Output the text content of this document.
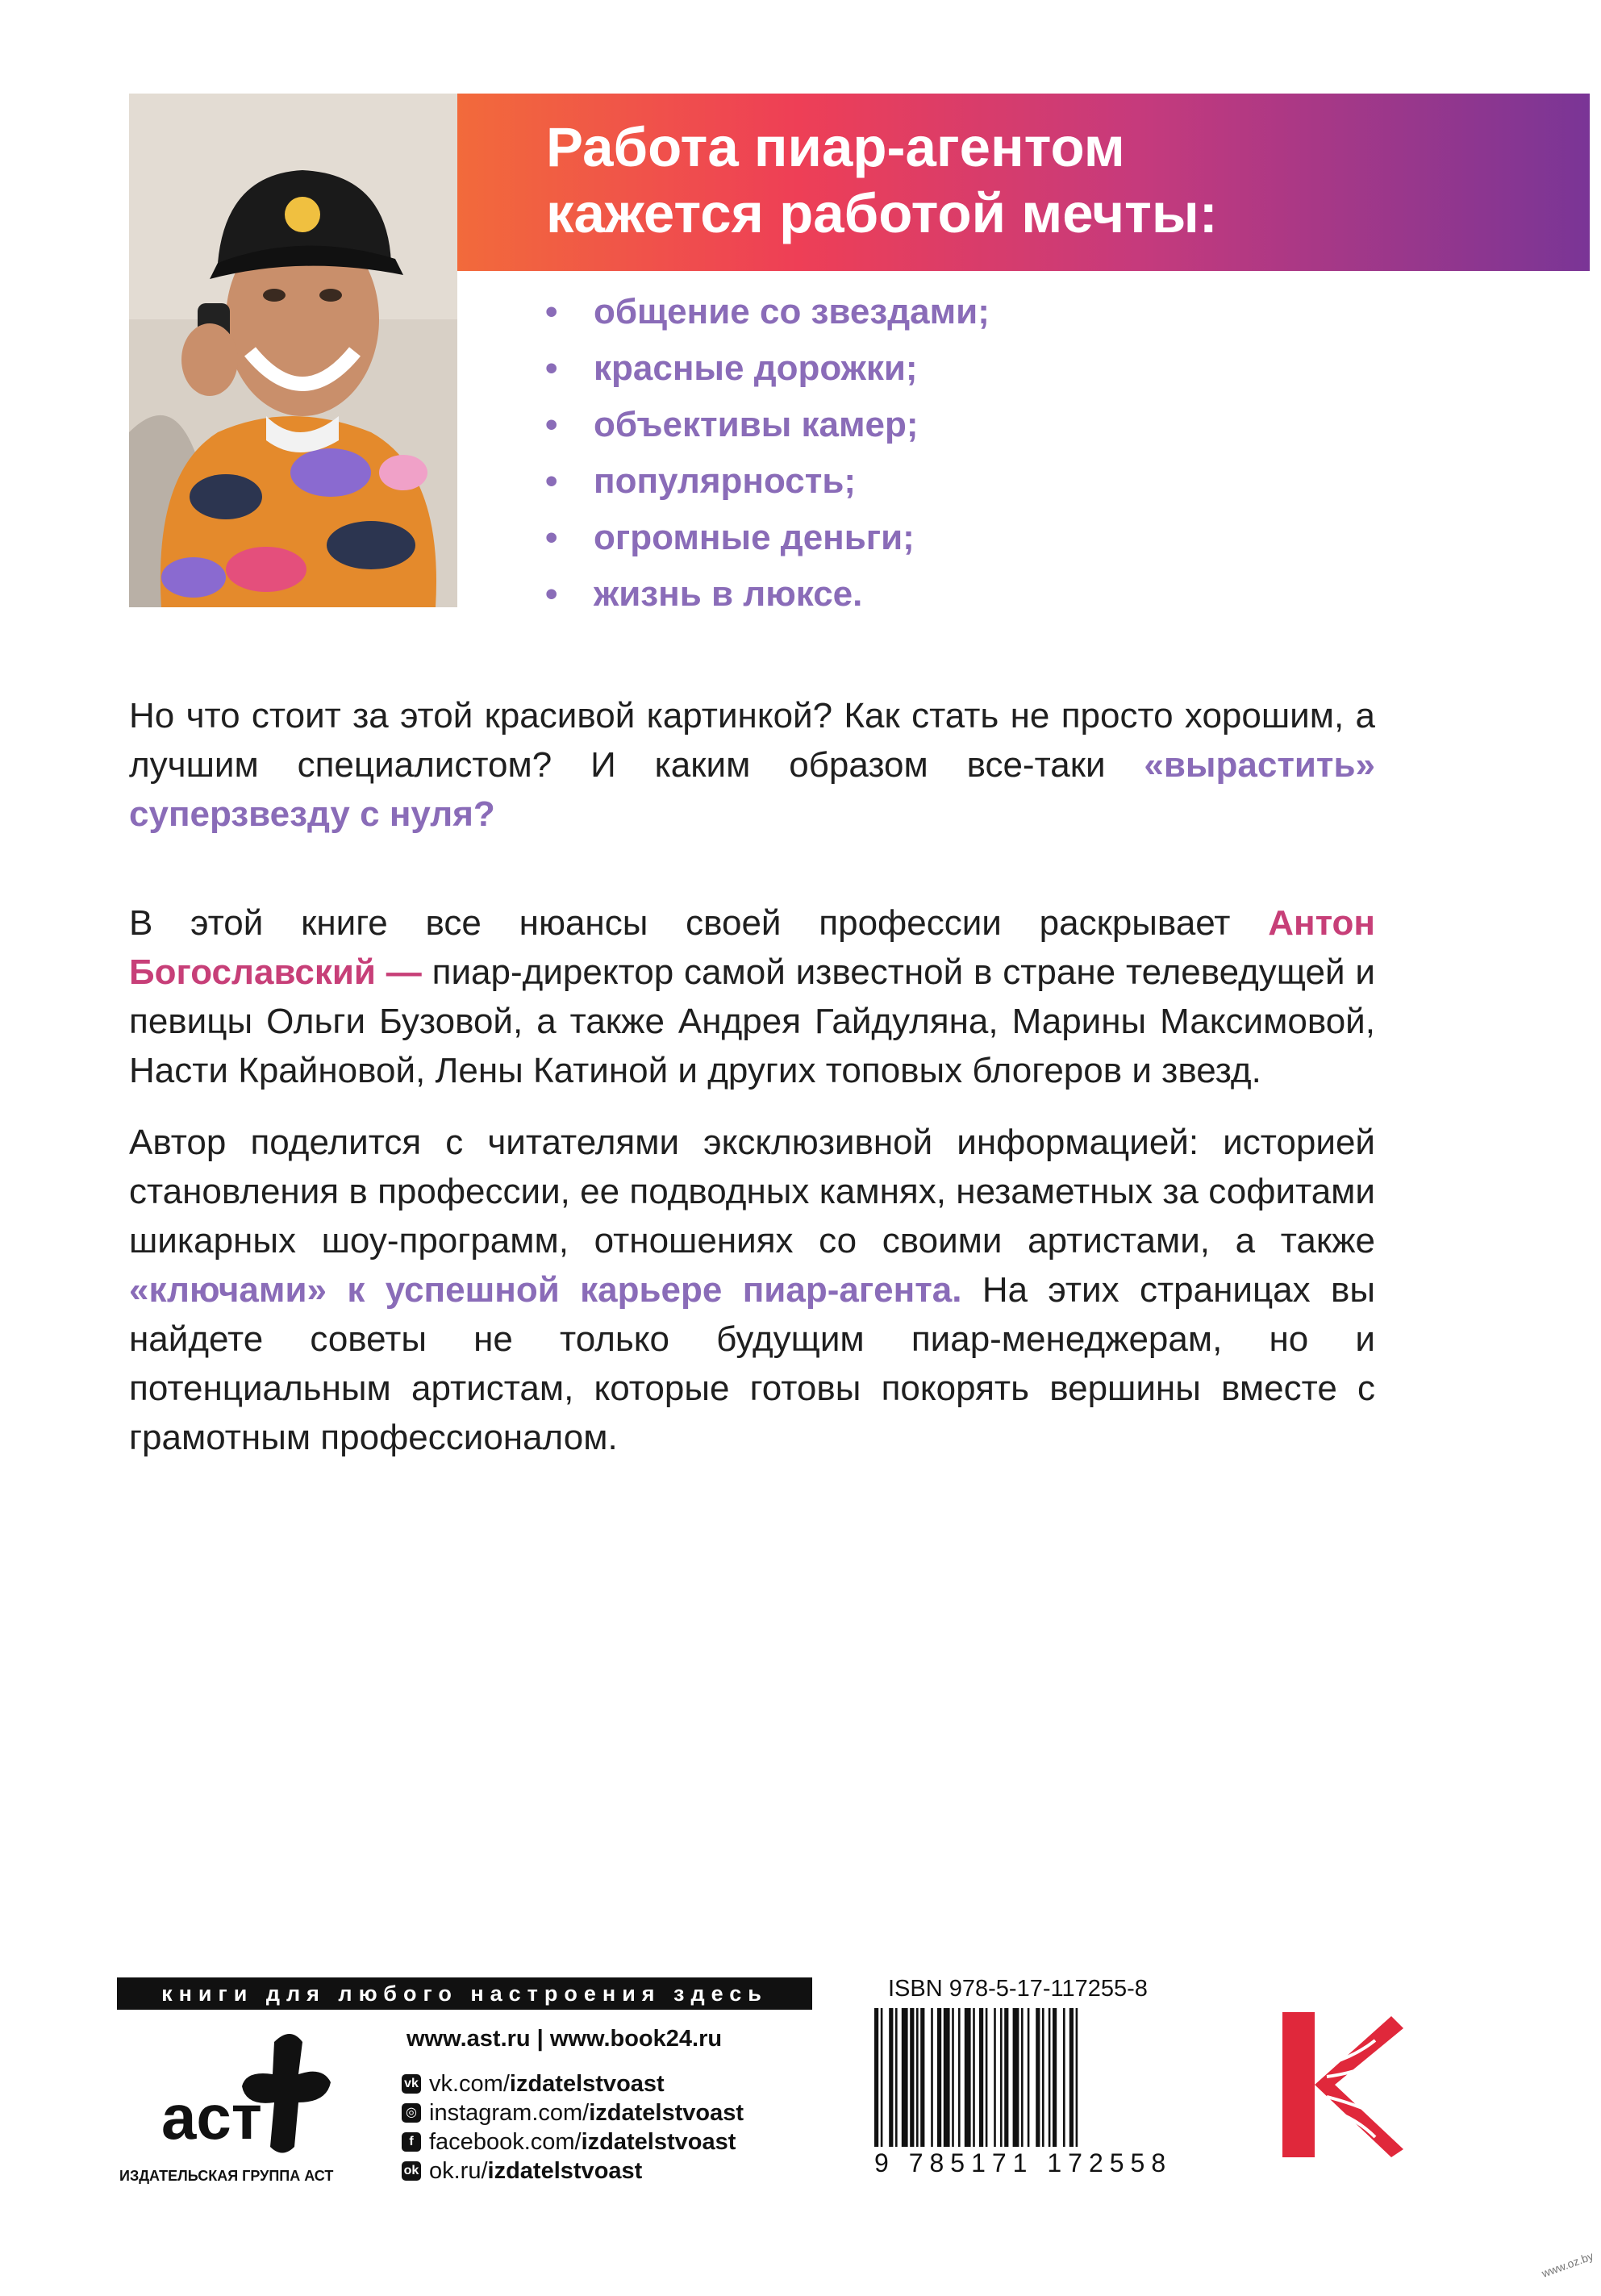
Работа пиар-агентом
кажется работой мечты:
• общение со звездами;
• красные дорожки;
• объективы камер;
• популярность;
• огромные деньги;
• жизнь в люксе.

Но что стоит за этой красивой картинкой? Как стать не просто хорошим, а лучшим специалистом? И каким образом все-таки «вырастить» суперзвезду с нуля?

В этой книге все нюансы своей профессии раскрывает Антон Богославский — пиар-директор самой известной в стране телеведущей и певицы Ольги Бузовой, а также Андрея Гайдуляна, Марины Максимовой, Насти Крайновой, Лены Катиной и других топовых блогеров и звезд.

Автор поделится с читателями эксклюзивной информацией: историей становления в профессии, ее подводных камнях, незаметных за софитами шикарных шоу-программ, отношениях со своими артистами, а также «ключами» к успешной карьере пиар-агента. На этих страницах вы найдете советы не только будущим пиар-менеджерам, но и потенциальным артистам, которые готовы покорять вершины вместе с грамотным профессионалом.

книги для любого настроения здесь
аст
ИЗДАТЕЛЬСКАЯ ГРУППА АСТ
www.ast.ru | www.book24.ru
vk vk.com/ izdatelstvoast
◎ instagram.com/ izdatelstvoast
f facebook.com/ izdatelstvoast
ok ok.ru/ izdatelstvoast
ISBN 978-5-17-117255-8
9 785171 172558
www.oz.by
